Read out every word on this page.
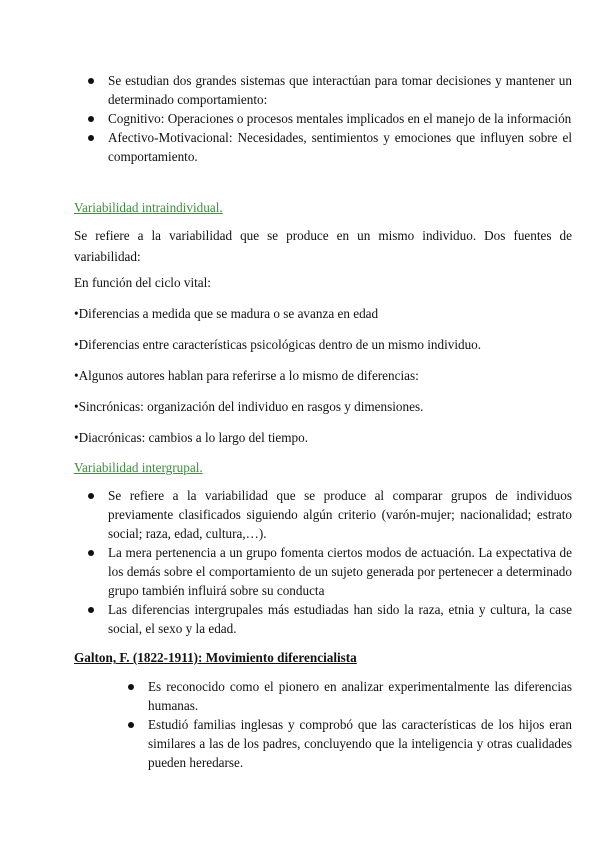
Se estudian dos grandes sistemas que interactúan para tomar decisiones y mantener un determinado comportamiento:
Cognitivo: Operaciones o procesos mentales implicados en el manejo de la información
Afectivo-Motivacional: Necesidades, sentimientos y emociones que influyen sobre el comportamiento.
Variabilidad intraindividual.

Se refiere a la variabilidad que se produce en un mismo individuo. Dos fuentes de variabilidad:

En función del ciclo vital:
•Diferencias a medida que se madura o se avanza en edad
•Diferencias entre características psicológicas dentro de un mismo individuo.
•Algunos autores hablan para referirse a lo mismo de diferencias:
•Sincrónicas: organización del individuo en rasgos y dimensiones.
•Diacrónicas: cambios a lo largo del tiempo.
Variabilidad intergrupal.
Se refiere a la variabilidad que se produce al comparar grupos de individuos previamente clasificados siguiendo algún criterio (varón-mujer; nacionalidad; estrato social; raza, edad, cultura,…).
La mera pertenencia a un grupo fomenta ciertos modos de actuación. La expectativa de los demás sobre el comportamiento de un sujeto generada por pertenecer a determinado grupo también influirá sobre su conducta
Las diferencias intergrupales más estudiadas han sido la raza, etnia y cultura, la case social, el sexo y la edad.
Galton, F. (1822-1911): Movimiento diferencialista
Es reconocido como el pionero en analizar experimentalmente las diferencias humanas.
Estudió familias inglesas y comprobó que las características de los hijos eran similares a las de los padres, concluyendo que la inteligencia y otras cualidades pueden heredarse.
